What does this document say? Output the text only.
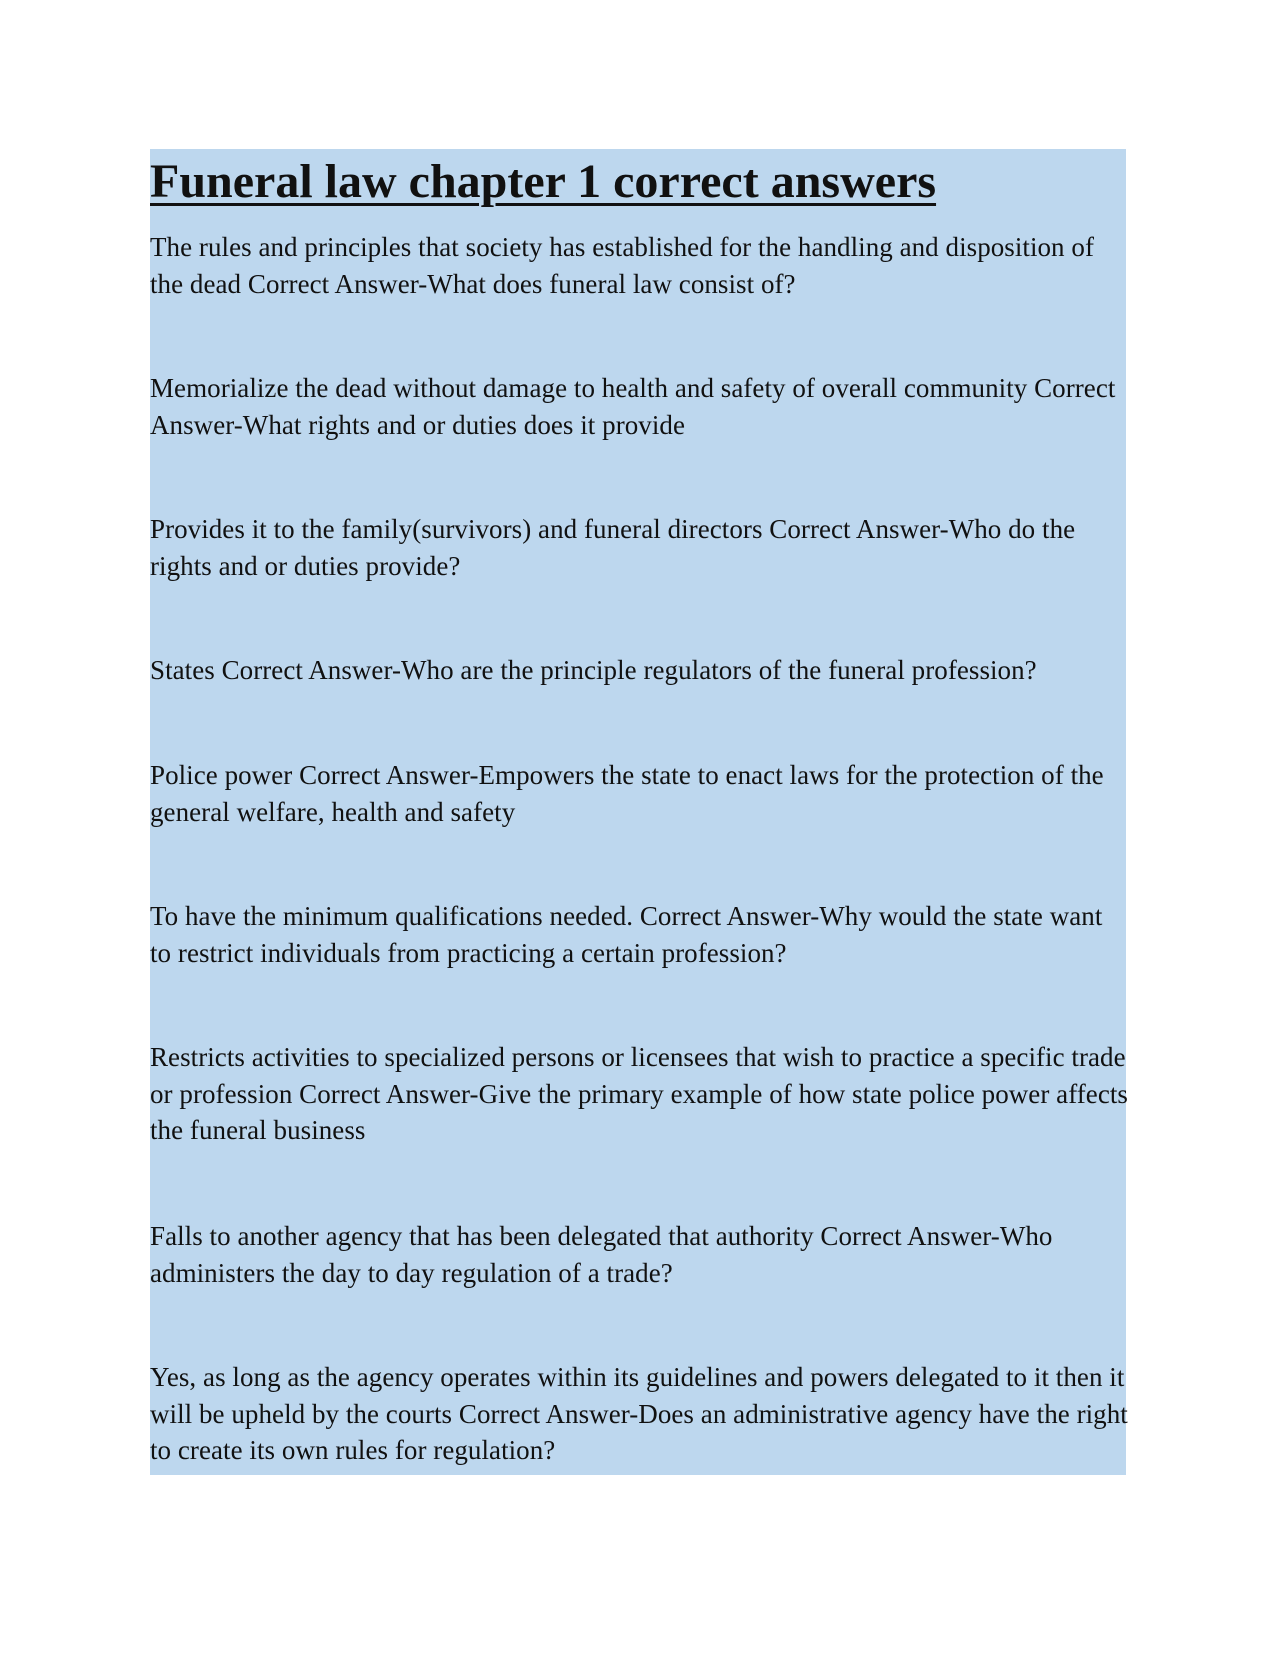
Funeral law chapter 1 correct answers

The rules and principles that society has established for the handling and disposition of the dead Correct Answer-What does funeral law consist of?

Memorialize the dead without damage to health and safety of overall community Correct Answer-What rights and or duties does it provide

Provides it to the family(survivors) and funeral directors Correct Answer-Who do the rights and or duties provide?

States Correct Answer-Who are the principle regulators of the funeral profession?

Police power Correct Answer-Empowers the state to enact laws for the protection of the general welfare, health and safety

To have the minimum qualifications needed. Correct Answer-Why would the state want to restrict individuals from practicing a certain profession?

Restricts activities to specialized persons or licensees that wish to practice a specific trade or profession Correct Answer-Give the primary example of how state police power affects the funeral business

Falls to another agency that has been delegated that authority Correct Answer-Who administers the day to day regulation of a trade?

Yes, as long as the agency operates within its guidelines and powers delegated to it then it will be upheld by the courts Correct Answer-Does an administrative agency have the right to create its own rules for regulation?
